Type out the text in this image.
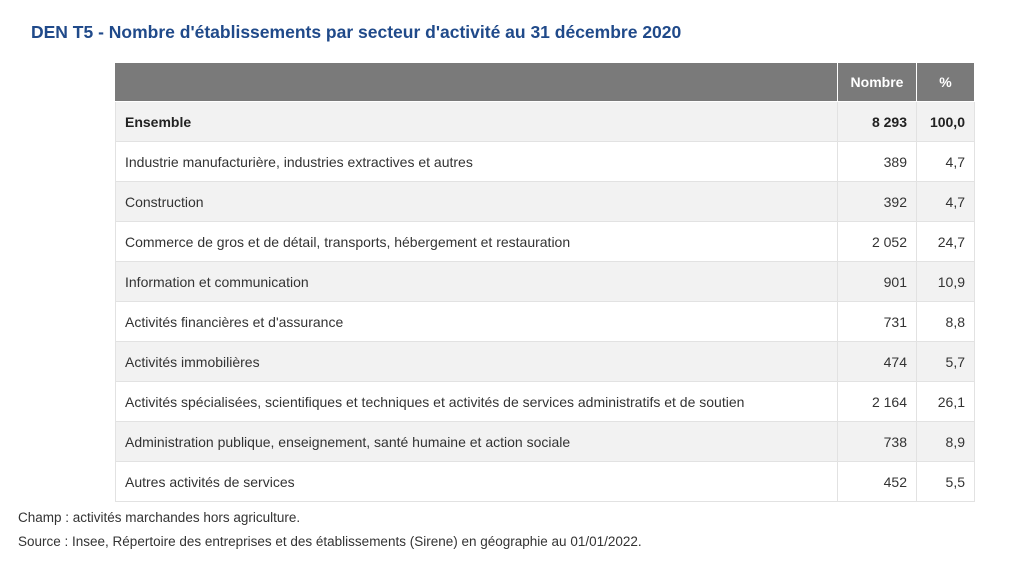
DEN T5 - Nombre d'établissements par secteur d'activité au 31 décembre 2020
	Nombre	%
Ensemble	8 293	100,0
Industrie manufacturière, industries extractives et autres	389	4,7
Construction	392	4,7
Commerce de gros et de détail, transports, hébergement et restauration	2 052	24,7
Information et communication	901	10,9
Activités financières et d'assurance	731	8,8
Activités immobilières	474	5,7
Activités spécialisées, scientifiques et techniques et activités de services administratifs et de soutien	2 164	26,1
Administration publique, enseignement, santé humaine et action sociale	738	8,9
Autres activités de services	452	5,5
Champ : activités marchandes hors agriculture.
Source : Insee, Répertoire des entreprises et des établissements (Sirene) en géographie au 01/01/2022.
